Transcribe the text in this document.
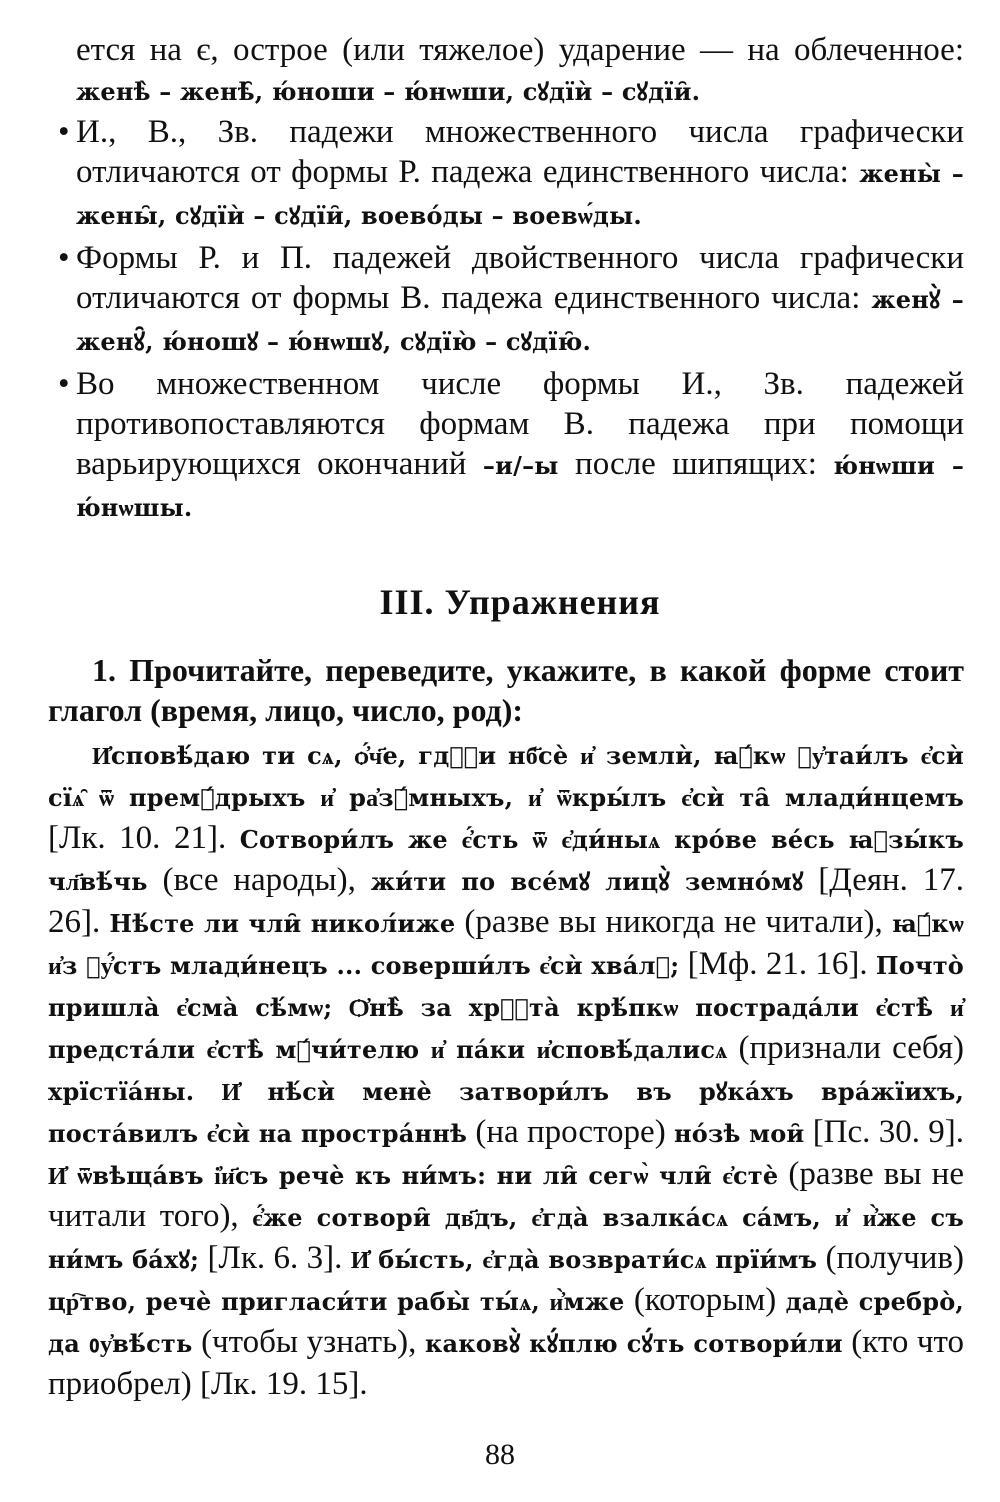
ется на є, острое (или тяжелое) ударение — на облеченное: женѣ̀ – женѣ̑, ю́ноши – ю́нѡши, сꙋдїѝ – сꙋдїи̑.

• И., В., Зв. падежи множественного числа графически отличаются от формы Р. падежа единственного числа: жены̀ – жены̑, сꙋдїѝ – сꙋдїи̑, воево́ды – воевѡ́ды.

• Формы Р. и П. падежей двойственного числа графически отличаются от формы В. падежа единственного числа: женꙋ̀ – женꙋ̑, ю́ношꙋ – ю́нѡшꙋ, сꙋдїю̀ – сꙋдїю̑.

• Во множественном числе формы И., Зв. падежей противопоставляются формам В. падежа при помощи варьирующихся окончаний –и/–ы после шипящих: ю́нѡши – ю́нѡшы.

III. Упражнения

1. Прочитайте, переведите, укажите, в какой форме стоит глагол (время, лицо, число, род):

И҆сповѣ́даю ти сѧ, ѻ҆́ч҃е, гдⷭ҇и нб҃сѐ и҆ землѝ, ꙗ҆́кѡ ᲂу҆таи́лъ є҆сѝ сїѧ̑ ѿ премꙋ́дрыхъ и҆ ра҆зꙋ́мныхъ, и҆ ѿкры́лъ є҆сѝ та̑ млади́нцемъ [Лк. 10. 21]. Сотвори́лъ же є҆́сть ѿ є҆ди́ныѧ кро́ве ве́сь ꙗ҆зы́къ чл҃вѣ́чь (все народы), жи́ти по все́мꙋ лицꙋ̀ земно́мꙋ [Деян. 17. 26]. Нѣ́сте ли чли̑ никол́иже (разве вы никогда не читали), ꙗ҆́кѡ и҆з ᲂу҆́стъ млади́нецъ ... соверши́лъ є҆сѝ хва́лꙋ; [Мф. 21. 16]. Почто̀ пришла̀ є҆сма̀ сѣ́мѡ; Ѻ҆нѣ̀ за хрⷭ҇та̀ крѣ́пкѡ пострада́ли є҆стѣ̀ и҆ предста́ли є҆стѣ̀ мꙋ́чи́телю и҆ па́ки и҆сповѣ́далисѧ (признали себя) хрїстїа́ны. И҆ нѣ́сѝ менѐ затвори́лъ въ рꙋка́хъ вра́жїихъ, поста́вилъ є҆сѝ на простра́ннѣ (на просторе) но́зѣ мои̑ [Пс. 30. 9]. И҆ ѿвѣща́въ і҆и҃съ речѐ къ ни́мъ: ни ли̑ сегѡ̀ чли̑ є҆стѐ (разве вы не читали того), є҆́же сотвори̑ дв҃дъ, є҆гда̀ взалка́сѧ са́мъ, и҆ и҆̀же съ ни́мъ ба́хꙋ; [Лк. 6. 3]. И҆ бы́сть, є҆гда̀ возврати́сѧ прїи́мъ (получив) цр҇тво, речѐ пригласи́ти рабы̀ ты́ѧ, и҆̀мже (которым) дадѐ сребро̀, да ᲂу҆вѣ́сть (чтобы узнать), каковꙋ̀ кꙋ́плю сꙋ́ть сотвори́ли (кто что приобрел) [Лк. 19. 15].

88
